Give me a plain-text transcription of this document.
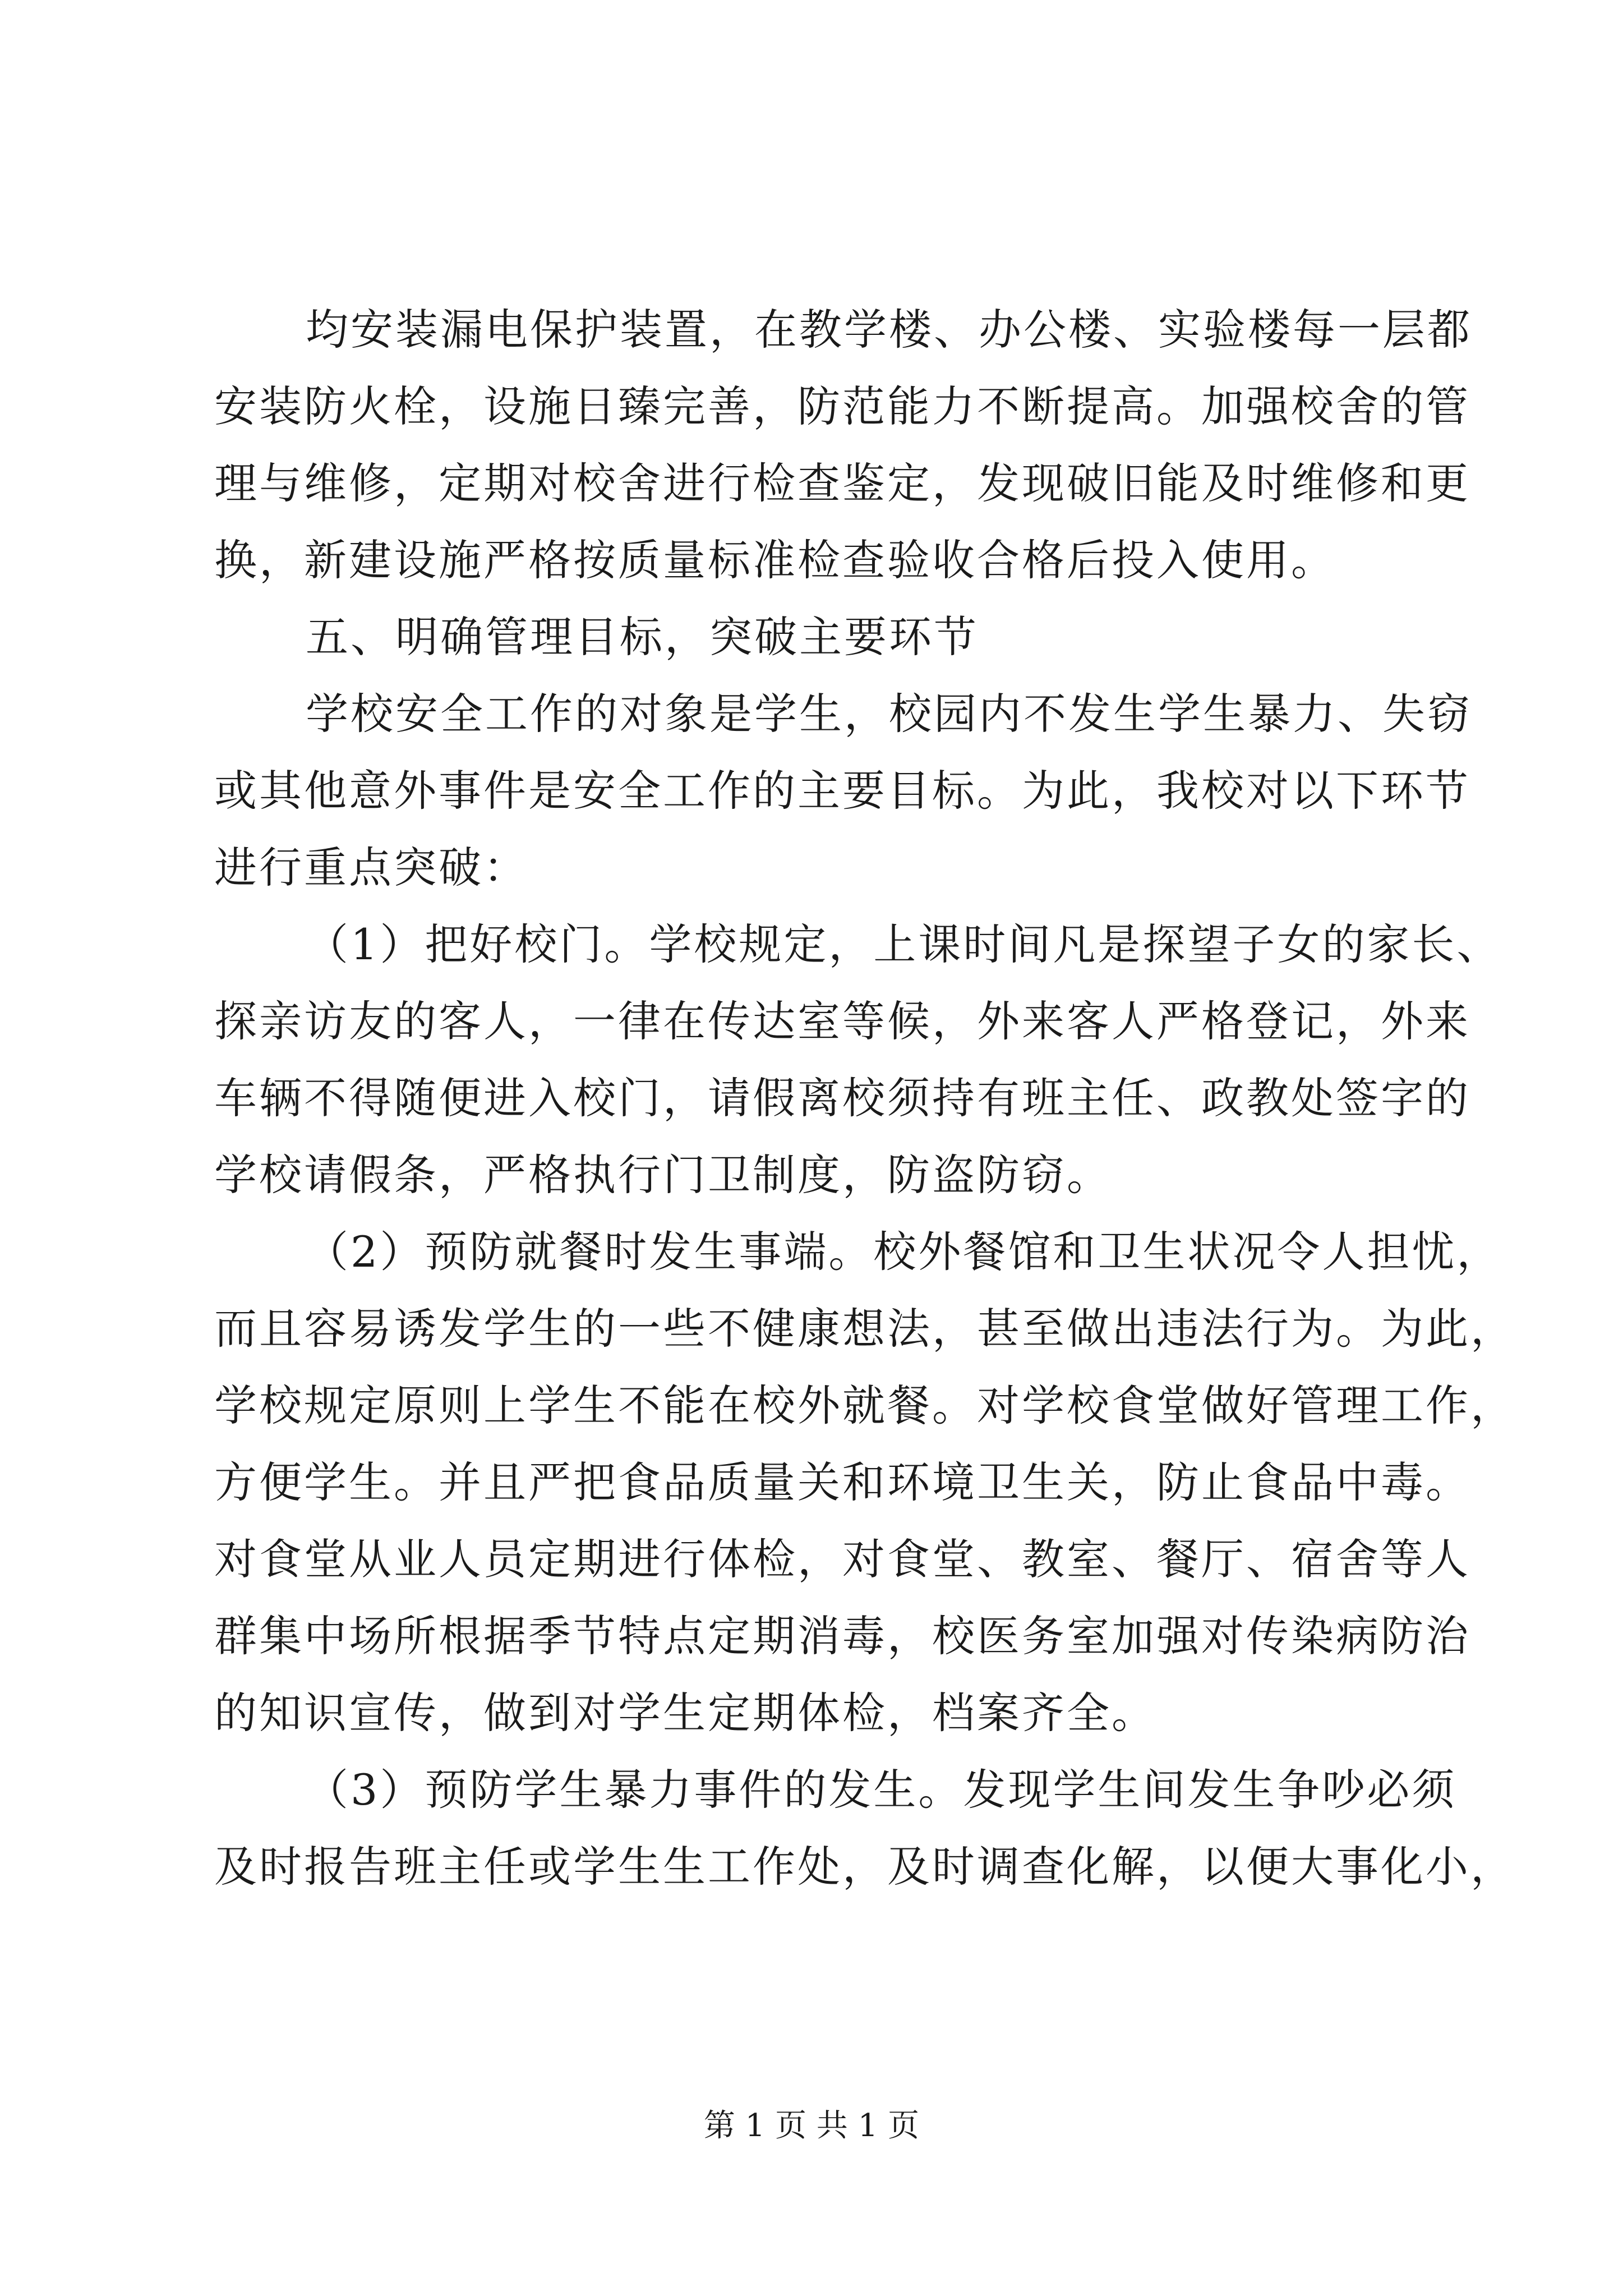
均安装漏电保护装置，在教学楼、办公楼、实验楼每一层都
安装防火栓，设施日臻完善，防范能力不断提高。加强校舍的管
理与维修，定期对校舍进行检查鉴定，发现破旧能及时维修和更
换，新建设施严格按质量标准检查验收合格后投入使用。
五、明确管理目标，突破主要环节
学校安全工作的对象是学生，校园内不发生学生暴力、失窃
或其他意外事件是安全工作的主要目标。为此，我校对以下环节
进行重点突破：
（1）把好校门。学校规定，上课时间凡是探望子女的家长、
探亲访友的客人，一律在传达室等候，外来客人严格登记，外来
车辆不得随便进入校门，请假离校须持有班主任、政教处签字的
学校请假条，严格执行门卫制度，防盗防窃。
（2）预防就餐时发生事端。校外餐馆和卫生状况令人担忧，
而且容易诱发学生的一些不健康想法，甚至做出违法行为。为此，
学校规定原则上学生不能在校外就餐。对学校食堂做好管理工作，
方便学生。并且严把食品质量关和环境卫生关，防止食品中毒。
对食堂从业人员定期进行体检，对食堂、教室、餐厅、宿舍等人
群集中场所根据季节特点定期消毒，校医务室加强对传染病防治
的知识宣传，做到对学生定期体检，档案齐全。
（3）预防学生暴力事件的发生。发现学生间发生争吵必须
及时报告班主任或学生生工作处，及时调查化解，以便大事化小，
第 1 页 共 1 页
